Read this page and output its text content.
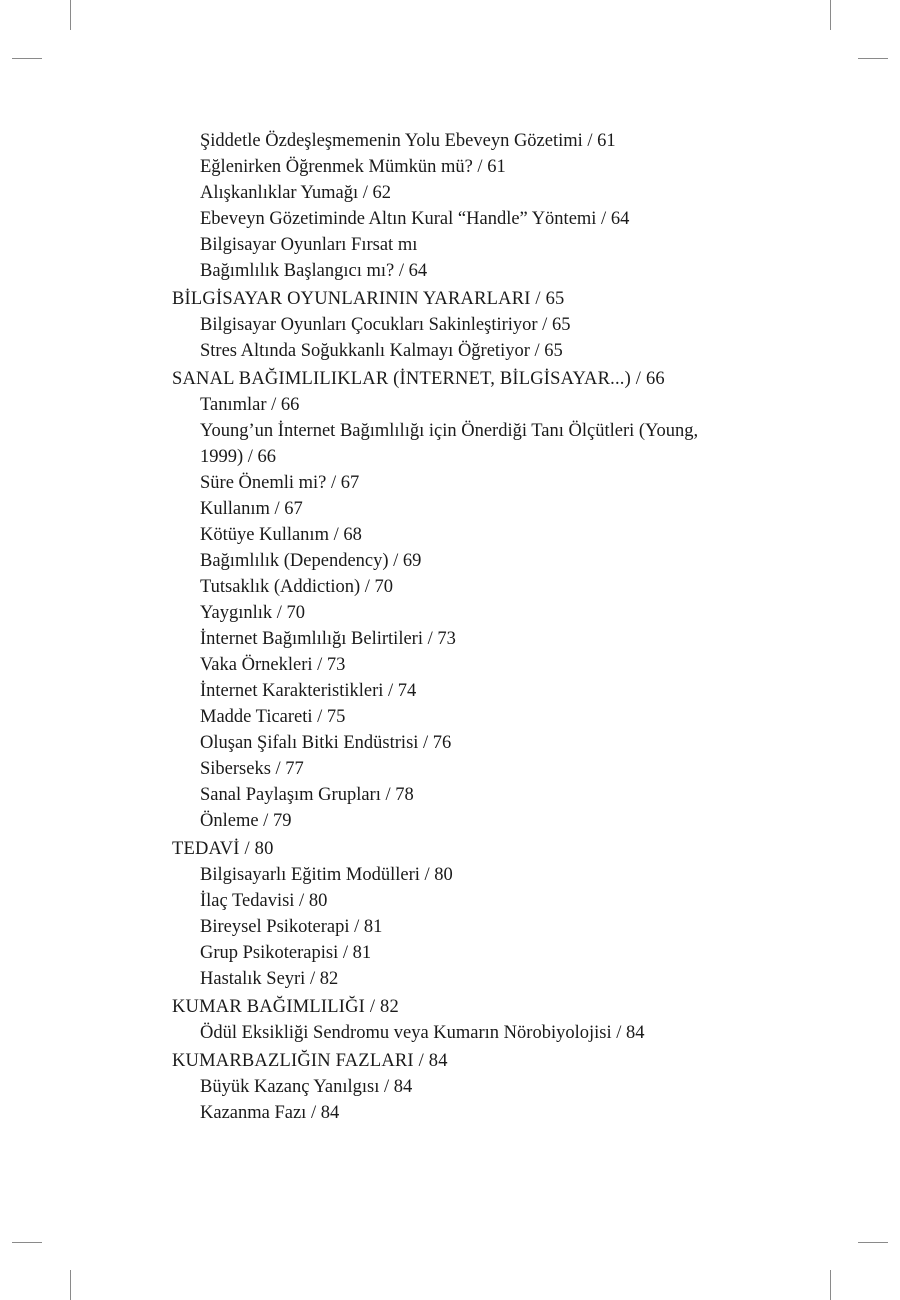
Şiddetle Özdeşleşmemenin Yolu Ebeveyn Gözetimi / 61
Eğlenirken Öğrenmek Mümkün mü? / 61
Alışkanlıklar Yumağı / 62
Ebeveyn Gözetiminde Altın Kural “Handle” Yöntemi / 64
Bilgisayar Oyunları Fırsat mı
Bağımlılık Başlangıcı mı? / 64
BİLGİSAYAR OYUNLARININ YARARLARI / 65
Bilgisayar Oyunları Çocukları Sakinleştiriyor / 65
Stres Altında Soğukkanlı Kalmayı Öğretiyor / 65
SANAL BAĞIMLILIKLAR (İNTERNET, BİLGİSAYAR...) / 66
Tanımlar / 66
Young’un İnternet Bağımlılığı için Önerdiği Tanı Ölçütleri (Young,
1999) / 66
Süre Önemli mi? / 67
Kullanım / 67
Kötüye Kullanım / 68
Bağımlılık (Dependency) / 69
Tutsaklık (Addiction) / 70
Yaygınlık / 70
İnternet Bağımlılığı Belirtileri / 73
Vaka Örnekleri / 73
İnternet Karakteristikleri / 74
Madde Ticareti / 75
Oluşan Şifalı Bitki Endüstrisi / 76
Siberseks / 77
Sanal Paylaşım Grupları / 78
Önleme / 79
TEDAVİ / 80
Bilgisayarlı Eğitim Modülleri / 80
İlaç Tedavisi / 80
Bireysel Psikoterapi / 81
Grup Psikoterapisi / 81
Hastalık Seyri / 82
KUMAR BAĞIMLILIĞI / 82
Ödül Eksikliği Sendromu veya Kumarın Nörobiyolojisi / 84
KUMARBAZLIĞIN FAZLARI / 84
Büyük Kazanç Yanılgısı / 84
Kazanma Fazı / 84
